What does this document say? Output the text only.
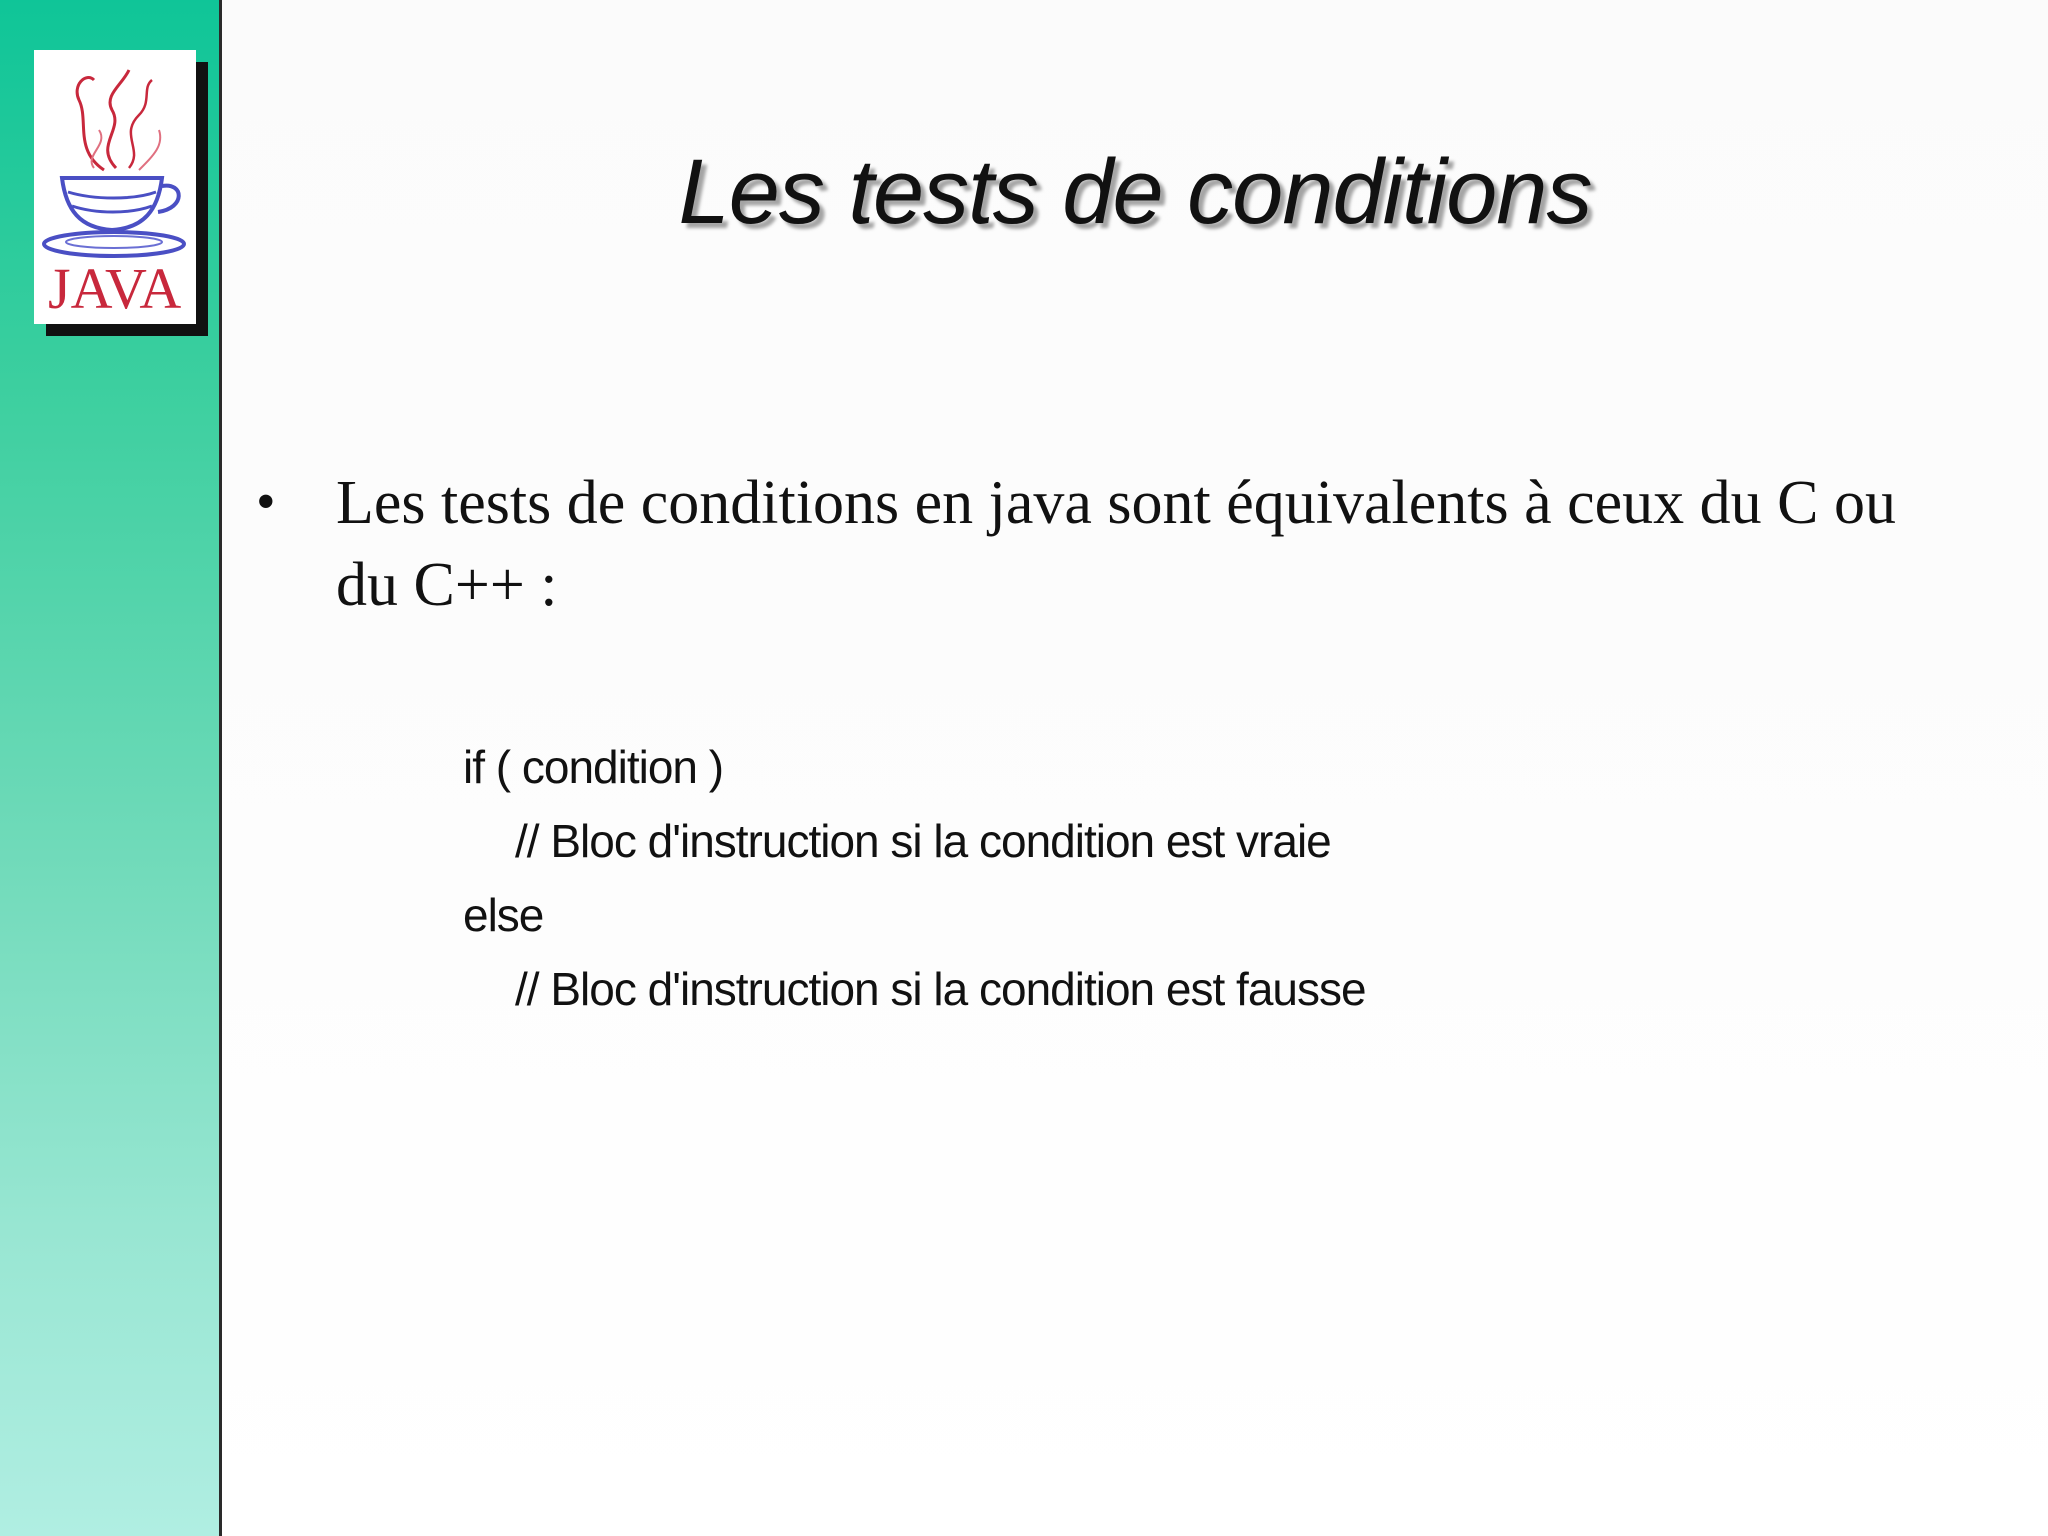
JAVA
Les tests de conditions
• Les tests de conditions en java sont équivalents à ceux du C ou du C++ :
if ( condition )
// Bloc d'instruction si la condition est vraie
else
// Bloc d'instruction si la condition est fausse
